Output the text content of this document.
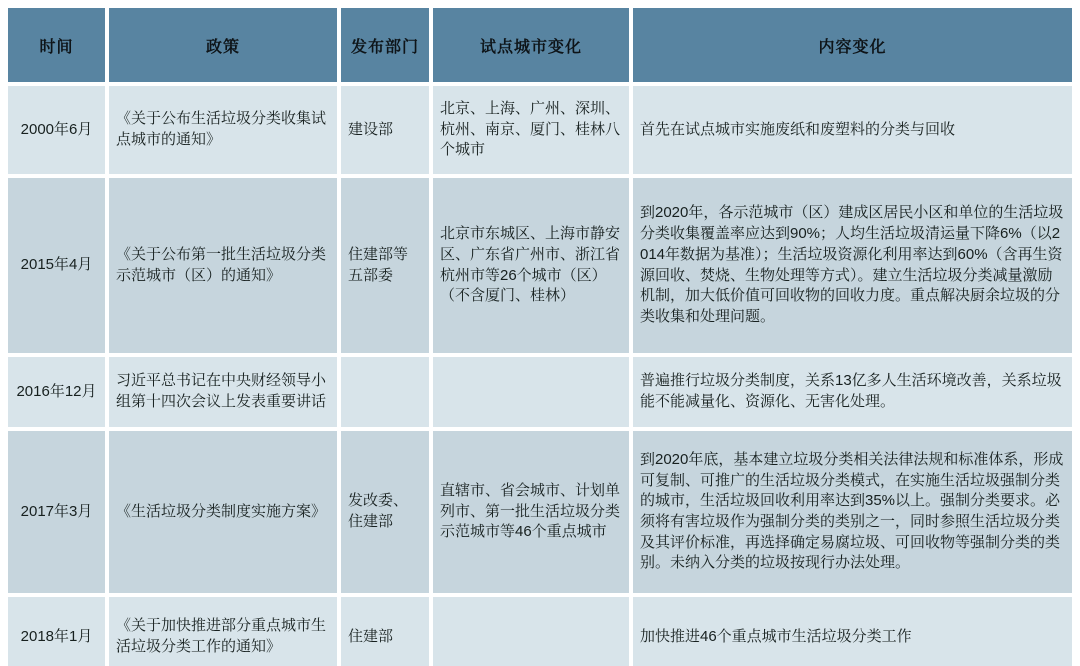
时间	政策	发布部门	试点城市变化	内容变化
2000年6月	《关于公布生活垃圾分类收集试点城市的通知》	建设部	北京、上海、广州、深圳、杭州、南京、厦门、桂林八个城市	首先在试点城市实施废纸和废塑料的分类与回收
2015年4月	《关于公布第一批生活垃圾分类示范城市（区）的通知》	住建部等五部委	北京市东城区、上海市静安区、广东省广州市、浙江省杭州市等26个城市（区）（不含厦门、桂林）	到2020年，各示范城市（区）建成区居民小区和单位的生活垃圾分类收集覆盖率应达到90%；人均生活垃圾清运量下降6%（以2014年数据为基准）；生活垃圾资源化利用率达到60%（含再生资源回收、焚烧、生物处理等方式）。建立生活垃圾分类减量激励机制，加大低价值可回收物的回收力度。重点解决厨余垃圾的分类收集和处理问题。
2016年12月	习近平总书记在中央财经领导小组第十四次会议上发表重要讲话			普遍推行垃圾分类制度，关系13亿多人生活环境改善，关系垃圾能不能减量化、资源化、无害化处理。
2017年3月	《生活垃圾分类制度实施方案》	发改委、住建部	直辖市、省会城市、计划单列市、第一批生活垃圾分类示范城市等46个重点城市	到2020年底，基本建立垃圾分类相关法律法规和标准体系，形成可复制、可推广的生活垃圾分类模式，在实施生活垃圾强制分类的城市，生活垃圾回收利用率达到35%以上。强制分类要求。必须将有害垃圾作为强制分类的类别之一，同时参照生活垃圾分类及其评价标准，再选择确定易腐垃圾、可回收物等强制分类的类别。未纳入分类的垃圾按现行办法处理。
2018年1月	《关于加快推进部分重点城市生活垃圾分类工作的通知》	住建部		加快推进46个重点城市生活垃圾分类工作
